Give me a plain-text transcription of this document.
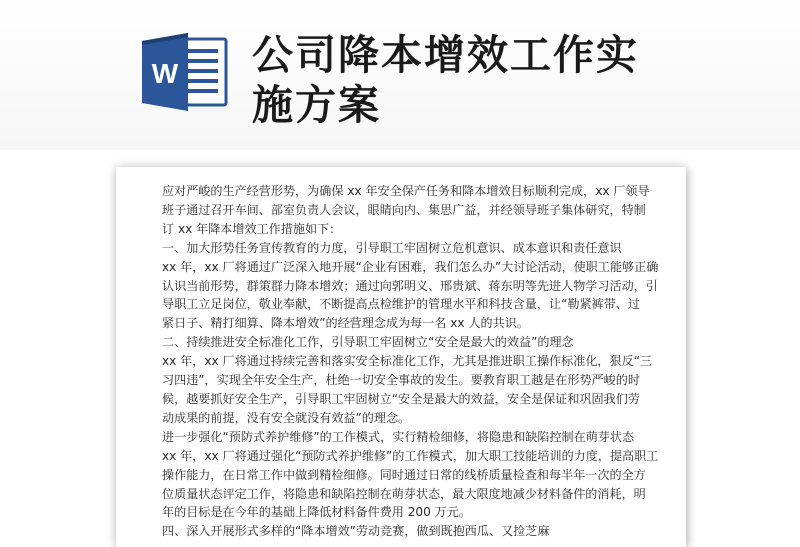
W 公司降本增效工作实
施方案

应对严峻的生产经营形势，为确保 xx 年安全保产任务和降本增效目标顺利完成，xx 厂领导

班子通过召开车间、部室负责人会议，眼睛向内、集思广益，并经领导班子集体研究，特制

订 xx 年降本增效工作措施如下：

一、加大形势任务宣传教育的力度，引导职工牢固树立危机意识、成本意识和责任意识

xx 年，xx 厂将通过广泛深入地开展“企业有困难，我们怎么办”大讨论活动，使职工能够正确

认识当前形势，群策群力降本增效；通过向郭明义、邢贵斌、蒋东明等先进人物学习活动，引

导职工立足岗位，敬业奉献，不断提高点检维护的管理水平和科技含量，让“勒紧裤带、过

紧日子、精打细算、降本增效”的经营理念成为每一名 xx 人的共识。

二、持续推进安全标准化工作，引导职工牢固树立“安全是最大的效益”的理念

xx 年，xx 厂将通过持续完善和落实安全标准化工作，尤其是推进职工操作标准化，狠反“三

习四违”，实现全年安全生产，杜绝一切安全事故的发生。要教育职工越是在形势严峻的时

候，越要抓好安全生产，引导职工牢固树立“安全是最大的效益，安全是保证和巩固我们劳

动成果的前提，没有安全就没有效益”的理念。

进一步强化“预防式养护维修”的工作模式，实行精检细修，将隐患和缺陷控制在萌芽状态

xx 年，xx 厂将通过强化“预防式养护维修”的工作模式，加大职工技能培训的力度，提高职工

操作能力，在日常工作中做到精检细修。同时通过日常的线桥质量检查和每半年一次的全方

位质量状态评定工作，将隐患和缺陷控制在萌芽状态，最大限度地减少材料备件的消耗，明

年的目标是在今年的基础上降低材料备件费用 200 万元。

四、深入开展形式多样的“降本增效”劳动竞赛，做到既抱西瓜、又捡芝麻
